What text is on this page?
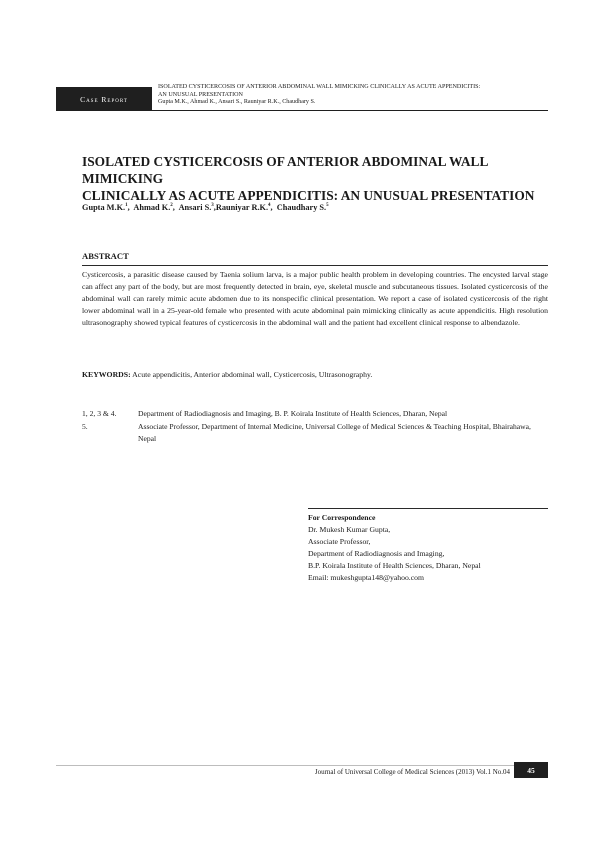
Case Report
ISOLATED CYSTICERCOSIS OF ANTERIOR ABDOMINAL WALL MIMICKING CLINICALLY AS ACUTE APPENDICITIS:
AN UNUSUAL PRESENTATION
Gupta M.K., Ahmad K., Ansari S., Rauniyar R.K., Chaudhary S.
ISOLATED CYSTICERCOSIS OF ANTERIOR ABDOMINAL WALL MIMICKING
CLINICALLY AS ACUTE APPENDICITIS: AN UNUSUAL PRESENTATION
Gupta M.K.$^1$,  Ahmad K.$^2$,  Ansari S.$^3$,Rauniyar R.K.$^4$,  Chaudhary S.$^5$
ABSTRACT
Cysticercosis, a parasitic disease caused by Taenia solium larva, is a major public health problem in developing countries. The encysted larval stage can affect any part of the body, but are most frequently detected in brain, eye, skeletal muscle and subcutaneous tissues. Isolated cysticercosis of the abdominal wall can rarely mimic acute abdomen due to its nonspecific clinical presentation. We report a case of isolated cysticercosis of the right lower abdominal wall in a 25-year-old female who presented with acute abdominal pain mimicking clinically as acute appendicitis. High resolution ultrasonography showed typical features of cysticercosis in the abdominal wall and the patient had excellent clinical response to albendazole.
KEYWORDS: Acute appendicitis, Anterior abdominal wall, Cysticercosis, Ultrasonography.
1, 2, 3 & 4.	Department of Radiodiagnosis and Imaging, B. P. Koirala Institute of Health Sciences, Dharan, Nepal
5.	Associate Professor, Department of Internal Medicine, Universal College of Medical Sciences & Teaching Hospital, Bhairahawa, Nepal
For Correspondence
Dr. Mukesh Kumar Gupta,
Associate Professor,
Department of Radiodiagnosis and Imaging,
B.P. Koirala Institute of Health Sciences, Dharan, Nepal
Email: mukeshgupta148@yahoo.com
Journal of Universal College of Medical Sciences (2013) Vol.1 No.04 45
